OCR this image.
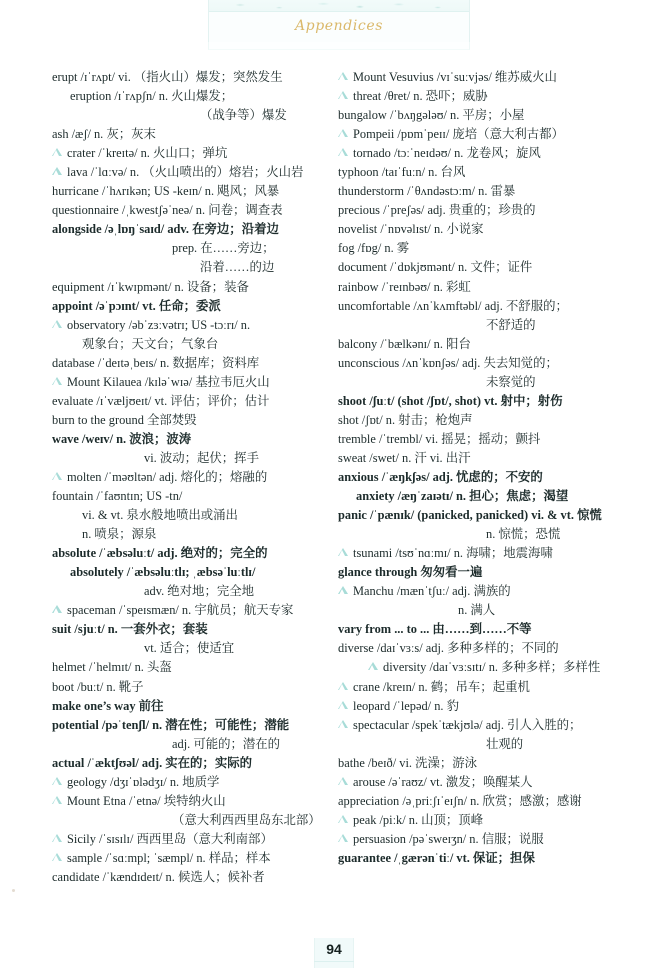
Appendices
erupt /ɪˈrʌpt/ vi. （指火山）爆发；突然发生
eruption /ɪˈrʌpʃn/ n. 火山爆发；
（战争等）爆发
ash /æʃ/ n. 灰；灰末
crater /ˈkreɪtə/ n. 火山口；弹坑
lava /ˈlɑːvə/ n. （火山喷出的）熔岩；火山岩
hurricane /ˈhʌrɪkən; US -keɪn/ n. 飓风；风暴
questionnaire /ˌkwestʃəˈneə/ n. 问卷；调查表
alongside /əˌlɒŋˈsaɪd/ adv. 在旁边；沿着边
prep. 在……旁边；
沿着……的边
equipment /ɪˈkwɪpmənt/ n. 设备；装备
appoint /əˈpɔɪnt/ vt. 任命；委派
observatory /əbˈzɜːvətrɪ; US -tɔːrɪ/ n.
观象台；天文台；气象台
database /ˈdeɪtəˌbeɪs/ n. 数据库；资料库
Mount Kilauea /kɪləˈwɪə/ 基拉韦厄火山
evaluate /ɪˈvæljʊeɪt/ vt. 评估；评价；估计
burn to the ground 全部焚毁
wave /weɪv/ n. 波浪；波涛
vi. 波动；起伏；挥手
molten /ˈməʊltən/ adj. 熔化的；熔融的
fountain /ˈfaʊntɪn; US -tn/
vi. & vt. 泉水般地喷出或涌出
n. 喷泉；源泉
absolute /ˈæbsəluːt/ adj. 绝对的；完全的
absolutely /ˈæbsəluːtlɪ; ˌæbsəˈluːtlɪ/
adv. 绝对地；完全地
spaceman /ˈspeɪsmæn/ n. 宇航员；航天专家
suit /sjuːt/ n. 一套外衣；套装
vt. 适合；使适宜
helmet /ˈhelmɪt/ n. 头盔
boot /buːt/ n. 靴子
make one’s way 前往
potential /pəˈtenʃl/ n. 潜在性；可能性；潜能
adj. 可能的；潜在的
actual /ˈæktʃʊəl/ adj. 实在的；实际的
geology /dʒɪˈɒlədʒɪ/ n. 地质学
Mount Etna /ˈetnə/ 埃特纳火山
（意大利西西里岛东北部）
Sicily /ˈsɪsɪlɪ/ 西西里岛（意大利南部）
sample /ˈsɑːmpl; ˈsæmpl/ n. 样品；样本
candidate /ˈkændɪdeɪt/ n. 候选人；候补者
Mount Vesuvius /vɪˈsuːvjəs/ 维苏威火山
threat /θret/ n. 恐吓；威胁
bungalow /ˈbʌŋgələʊ/ n. 平房；小屋
Pompeii /pɒmˈpeɪɪ/ 庞培（意大利古都）
tornado /tɔːˈneɪdəʊ/ n. 龙卷风；旋风
typhoon /taɪˈfuːn/ n. 台风
thunderstorm /ˈθʌndəstɔːm/ n. 雷暴
precious /ˈpreʃəs/ adj. 贵重的；珍贵的
novelist /ˈnɒvəlɪst/ n. 小说家
fog /fɒg/ n. 雾
document /ˈdɒkjʊmənt/ n. 文件；证件
rainbow /ˈreɪnbəʊ/ n. 彩虹
uncomfortable /ʌnˈkʌmftəbl/ adj. 不舒服的；
不舒适的
balcony /ˈbælkənɪ/ n. 阳台
unconscious /ʌnˈkɒnʃəs/ adj. 失去知觉的；
未察觉的
shoot /ʃuːt/ (shot /ʃɒt/, shot) vt. 射中；射伤
shot /ʃɒt/ n. 射击；枪炮声
tremble /ˈtrembl/ vi. 摇晃；摇动；颤抖
sweat /swet/ n. 汗 vi. 出汗
anxious /ˈæŋkʃəs/ adj. 忧虑的；不安的
anxiety /æŋˈzaɪətɪ/ n. 担心；焦虑；渴望
panic /ˈpænɪk/ (panicked, panicked) vi. & vt. 惊慌
n. 惊慌；恐慌
tsunami /tsʊˈnɑːmɪ/ n. 海啸；地震海啸
glance through 匆匆看一遍
Manchu /mænˈtʃuː/ adj. 满族的
n. 满人
vary from ... to ... 由……到……不等
diverse /daɪˈvɜːs/ adj. 多种多样的；不同的
diversity /daɪˈvɜːsɪtɪ/ n. 多种多样；多样性
crane /kreɪn/ n. 鹤；吊车；起重机
leopard /ˈlepəd/ n. 豹
spectacular /spekˈtækjʊlə/ adj. 引人入胜的；
壮观的
bathe /beɪð/ vi. 洗澡；游泳
arouse /əˈraʊz/ vt. 激发；唤醒某人
appreciation /əˌpriːʃɪˈeɪʃn/ n. 欣赏；感激；感谢
peak /piːk/ n. 山顶；顶峰
persuasion /pəˈsweɪʒn/ n. 信服；说服
guarantee /ˌgærənˈtiː/ vt. 保证；担保
94
